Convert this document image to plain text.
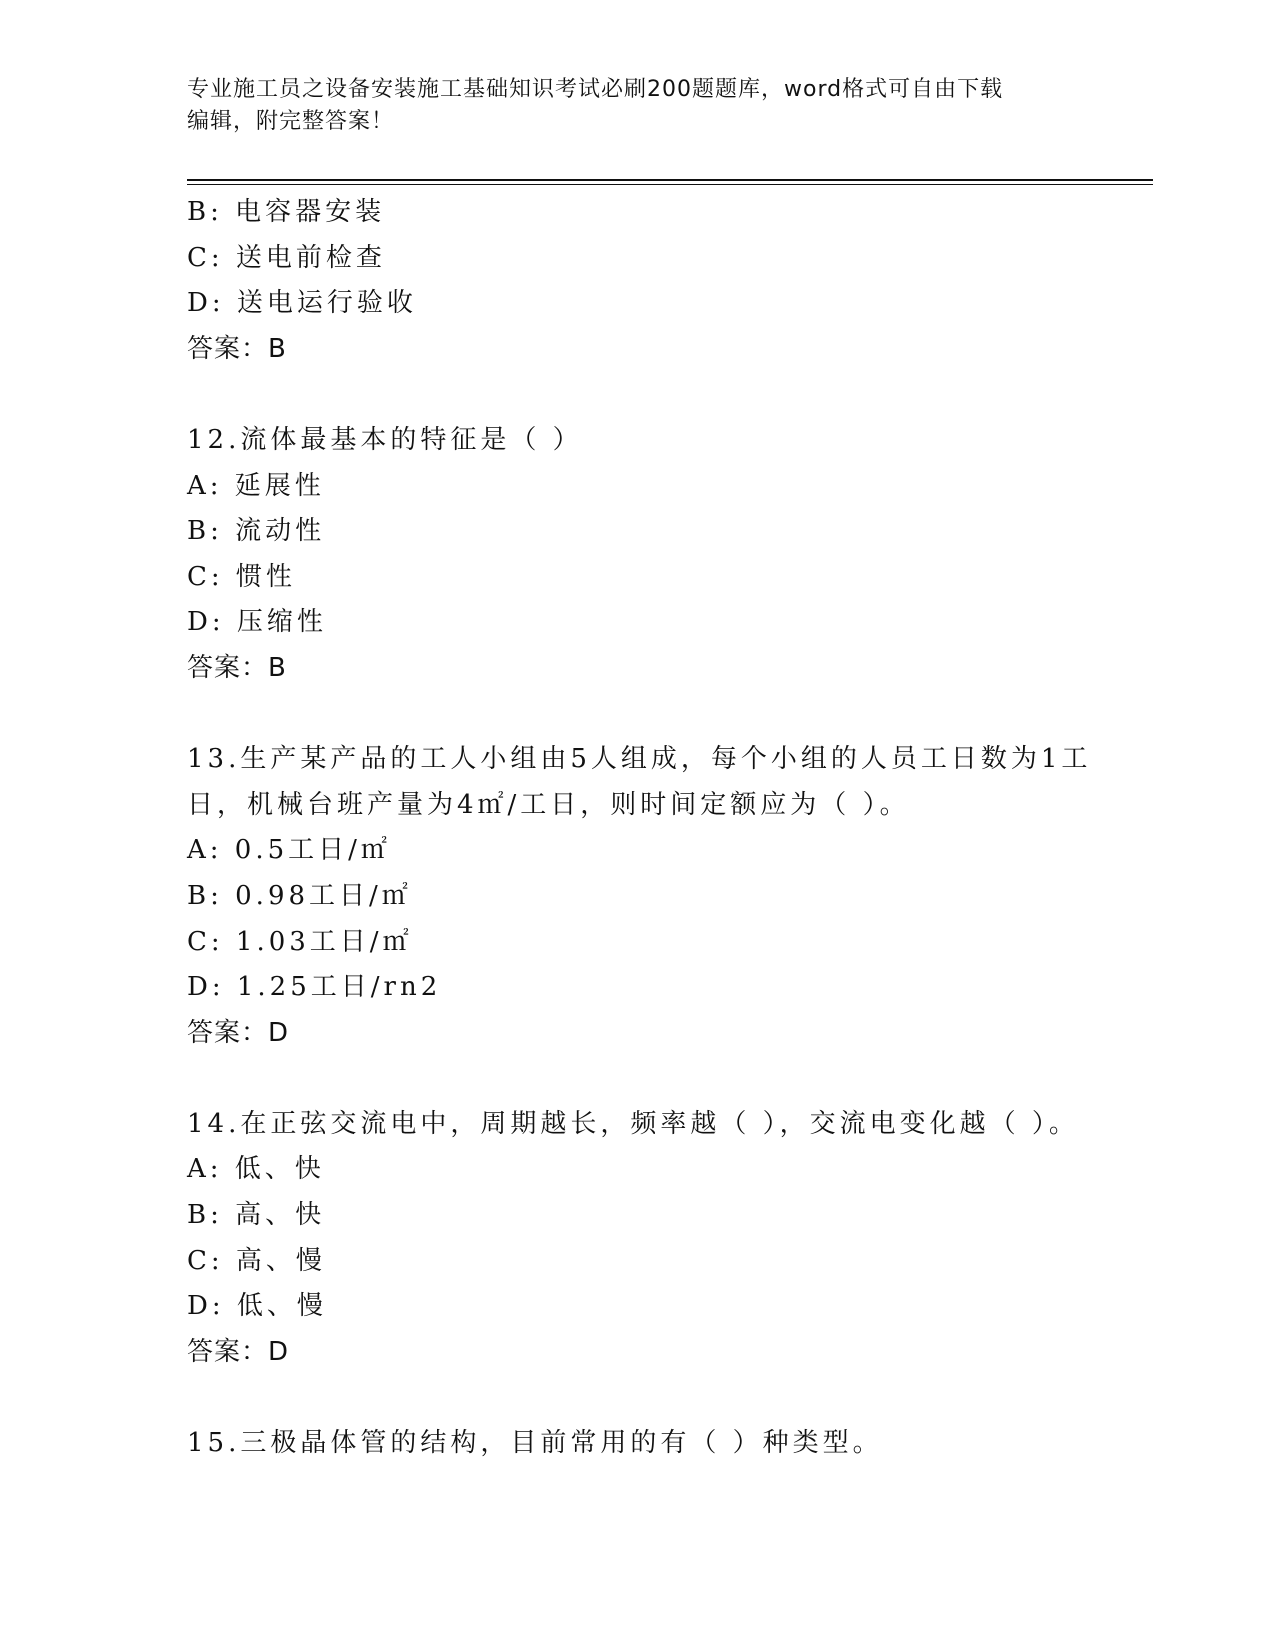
专业施工员之设备安装施工基础知识考试必刷200题题库，word格式可自由下载
编辑，附完整答案！
B: 电容器安装
C: 送电前检查
D: 送电运行验收
答案：B
12.流体最基本的特征是（ ）
A: 延展性
B: 流动性
C: 惯性
D: 压缩性
答案：B
13.生产某产品的工人小组由5人组成，每个小组的人员工日数为1工
日，机械台班产量为4㎡/工日，则时间定额应为（ ）。
A: 0.5工日/㎡
B: 0.98工日/㎡
C: 1.03工日/㎡
D: 1.25工日/rn2
答案：D
14.在正弦交流电中，周期越长，频率越（ ），交流电变化越（ ）。
A: 低、快
B: 高、快
C: 高、慢
D: 低、慢
答案：D
15.三极晶体管的结构，目前常用的有（ ）种类型。
